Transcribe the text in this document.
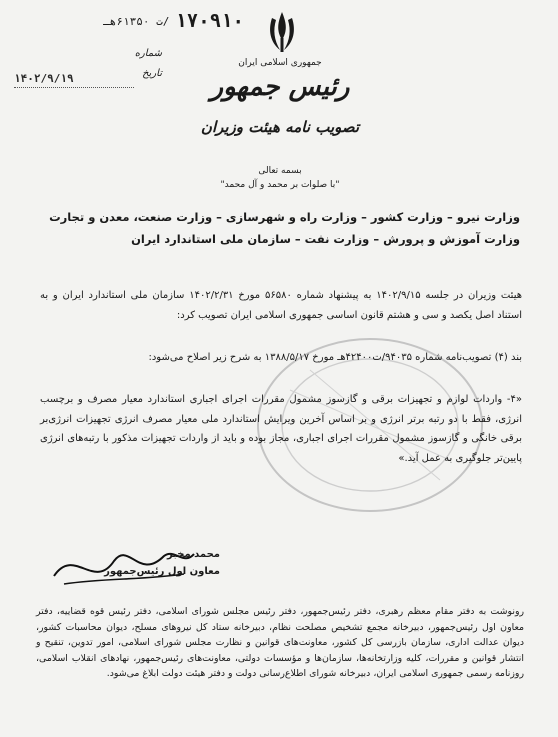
۱۷۰۹۱۰
/ت ۶۱۳۵۰هـ
شماره
تاریخ
۱۴۰۲/۹/۱۹
جمهوری اسلامی ایران
رئیس جمهور
تصویب نامه هیئت وزیران
بسمه تعالی
"با صلوات بر محمد و آل محمد"
وزارت نیرو – وزارت کشور – وزارت راه و شهرسازی – وزارت صنعت، معدن و تجارت وزارت آموزش و پرورش – وزارت نفت – سازمان ملی استاندارد ایران
هیئت وزیران در جلسه ۱۴۰۲/۹/۱۵ به پیشنهاد شماره ۵۶۵۸۰ مورخ ۱۴۰۲/۲/۳۱ سازمان ملی استاندارد ایران و به استناد اصل یکصد و سی و هشتم قانون اساسی جمهوری اسلامی ایران تصویب کرد:
بند (۴) تصویب‌نامه شماره ۹۴۰۳۵/ت۴۲۴۰۰هـ مورخ ۱۳۸۸/۵/۱۷ به شرح زیر اصلاح می‌شود:
«۴- واردات لوازم و تجهیزات برقی و گازسوز مشمول مقررات اجرای اجباری استاندارد معیار مصرف و برچسب انرژی، فقط با دو رتبه برتر انرژی و بر اساس آخرین ویرایش استاندارد ملی معیار مصرف انرژی تجهیزات انرژی‌بر برقی خانگی و گازسوز مشمول مقررات اجرای اجباری، مجاز بوده و باید از واردات تجهیزات مذکور با رتبه‌های انرژی پایین‌تر جلوگیری به عمل آید.»
محمد مخبر
معاون اول رئیس‌جمهور
رونوشت به دفتر مقام معظم رهبری، دفتر رئیس‌جمهور، دفتر رئیس مجلس شورای اسلامی، دفتر رئیس قوه قضاییه، دفتر معاون اول رئیس‌جمهور، دبیرخانه مجمع تشخیص مصلحت نظام، دبیرخانه ستاد کل نیروهای مسلح، دیوان محاسبات کشور، دیوان عدالت اداری، سازمان بازرسی کل کشور، معاونت‌های قوانین و نظارت مجلس شورای اسلامی، امور تدوین، تنقیح و انتشار قوانین و مقررات، کلیه وزارتخانه‌ها، سازمان‌ها و مؤسسات دولتی، معاونت‌های رئیس‌جمهور، نهادهای انقلاب اسلامی، روزنامه رسمی جمهوری اسلامی ایران، دبیرخانه شورای اطلاع‌رسانی دولت و دفتر هیئت دولت ابلاغ می‌شود.
